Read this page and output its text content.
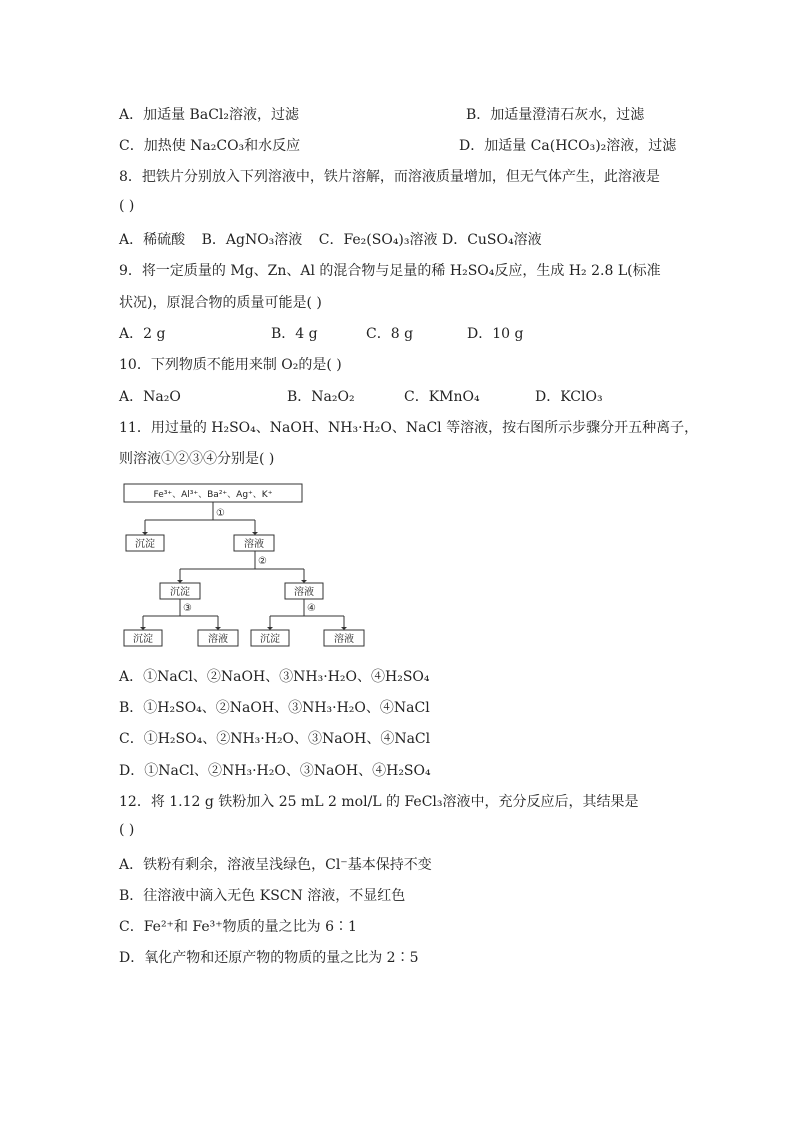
A．加适量 BaCl₂溶液，过滤	B．加适量澄清石灰水，过滤
C．加热使 Na₂CO₃和水反应	D．加适量 Ca(HCO₃)₂溶液，过滤
8．把铁片分别放入下列溶液中，铁片溶解，而溶液质量增加，但无气体产生，此溶液是
( )
A．稀硫酸 B．AgNO₃溶液 C．Fe₂(SO₄)₃溶液 D．CuSO₄溶液
9．将一定质量的 Mg、Zn、Al 的混合物与足量的稀 H₂SO₄反应，生成 H₂ 2.8 L(标准
状况)，原混合物的质量可能是( )
A．2 g	B．4 g	C．8 g	D．10 g
10．下列物质不能用来制 O₂的是( )
A．Na₂O	B．Na₂O₂	C．KMnO₄	D．KClO₃
11．用过量的 H₂SO₄、NaOH、NH₃·H₂O、NaCl 等溶液，按右图所示步骤分开五种离子，
则溶液①②③④分别是( )
Fe³⁺、Al³⁺、Ba²⁺、Ag⁺、K⁺
①
②
③	④
沉淀	溶液
沉淀	溶液
沉淀	溶液	沉淀	溶液
A．①NaCl、②NaOH、③NH₃·H₂O、④H₂SO₄
B．①H₂SO₄、②NaOH、③NH₃·H₂O、④NaCl
C．①H₂SO₄、②NH₃·H₂O、③NaOH、④NaCl
D．①NaCl、②NH₃·H₂O、③NaOH、④H₂SO₄
12．将 1.12 g 铁粉加入 25 mL 2 mol/L 的 FeCl₃溶液中，充分反应后，其结果是
( )
A．铁粉有剩余，溶液呈浅绿色，Cl⁻基本保持不变
B．往溶液中滴入无色 KSCN 溶液，不显红色
C．Fe²⁺和 Fe³⁺物质的量之比为 6∶1
D．氧化产物和还原产物的物质的量之比为 2∶5
